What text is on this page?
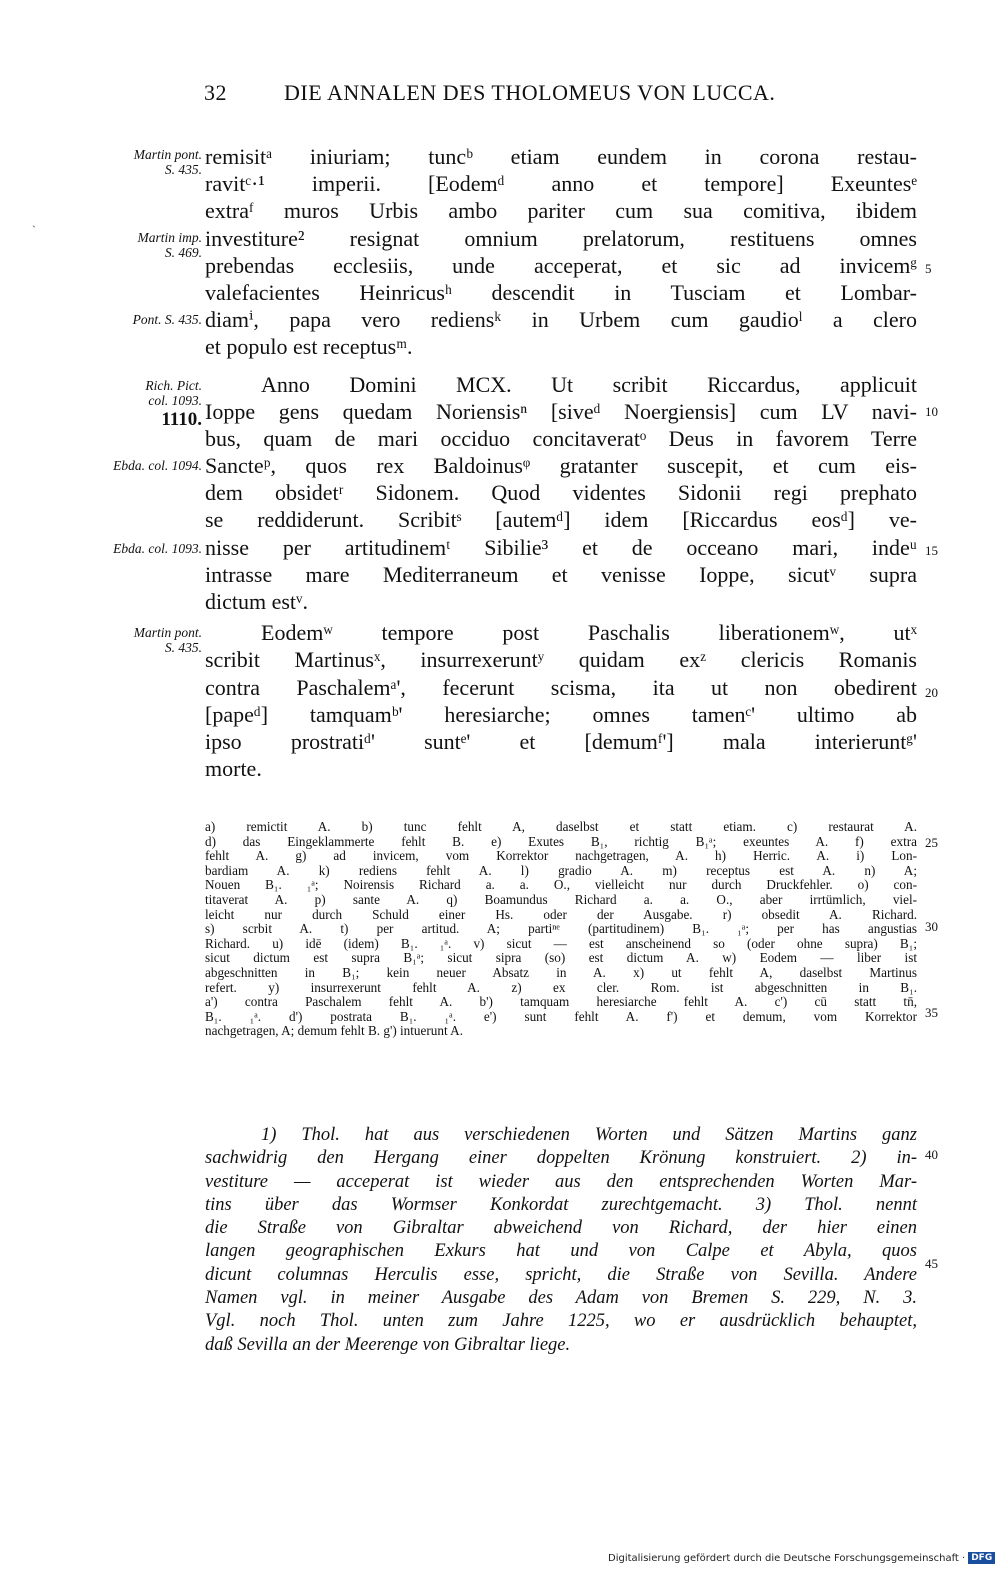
ˏ
32	DIE ANNALEN DES THOLOMEUS VON LUCCA.
Martin pont.
S. 435.
Martin imp.
S. 469.
Pont. S. 435.
Rich. Pict.
col. 1093.
1110.
Ebda. col. 1094.
Ebda. col. 1093.
Martin pont.
S. 435.
5
10
15
20
25
30
35
40
45
remisitᵃ iniuriam; tuncᵇ etiam eundem in corona restau-
ravitᶜ·¹ imperii. [Eodemᵈ anno et tempore] Exeuntesᵉ
extraᶠ muros Urbis ambo pariter cum sua comitiva, ibidem
investiture² resignat omnium prelatorum, restituens omnes
prebendas ecclesiis, unde acceperat, et sic ad invicemᵍ
valefacientes Heinricusʰ descendit in Tusciam et Lombar-
diamⁱ, papa vero rediensᵏ in Urbem cum gaudioˡ a clero
et populo est receptusᵐ.
Anno Domini MCX. Ut scribit Riccardus, applicuit
Ioppe gens quedam Noriensisⁿ [siveᵈ Noergiensis] cum LV navi-
bus, quam de mari occiduo concitaveratᵒ Deus in favorem Terre
Sancteᵖ, quos rex Baldoinusᵠ gratanter suscepit, et cum eis-
dem obsidetʳ Sidonem. Quod videntes Sidonii regi prephato
se reddiderunt. Scribitˢ [autemᵈ] idem [Riccardus eosᵈ] ve-
nisse per artitudinemᵗ Sibilie³ et de occeano mari, indeᵘ
intrasse mare Mediterraneum et venisse Ioppe, sicutᵛ supra
dictum estᵛ.
Eodemʷ tempore post Paschalis liberationemʷ, utˣ
scribit Martinusˣ, insurrexeruntʸ quidam exᶻ clericis Romanis
contra Paschalemᵃ', fecerunt scisma, ita ut non obedirent
[papeᵈ] tamquamᵇ' heresiarche; omnes tamenᶜ' ultimo ab
ipso prostratiᵈ' suntᵉ' et [demumᶠ'] mala interieruntᵍ'
morte.
a) remictit A. b) tunc fehlt A, daselbst et statt etiam. c) restaurat A.
d) das Eingeklammerte fehlt B. e) Exutes B₁, richtig B₁ᵃ; exeuntes A. f) extra
fehlt A. g) ad invicem, vom Korrektor nachgetragen, A. h) Herric. A. i) Lon-
bardiam A. k) rediens fehlt A. l) gradio A. m) receptus est A. n) A;
Nouen B₁. ₁ᵃ; Noirensis Richard a. a. O., vielleicht nur durch Druckfehler. o) con-
titaverat A. p) sante A. q) Boamundus Richard a. a. O., aber irrtümlich, viel-
leicht nur durch Schuld einer Hs. oder der Ausgabe. r) obsedit A. Richard.
s) scrbit A. t) per artitud. A; partiⁿᵉ (partitudinem) B₁. ₁ᵃ; per has angustias
Richard. u) idē (idem) B₁. ₁ᵃ. v) sicut — est anscheinend so (oder ohne supra) B₁;
sicut dictum est supra B₁ᵃ; sicut sipra (so) est dictum A. w) Eodem — liber ist
abgeschnitten in B₁; kein neuer Absatz in A. x) ut fehlt A, daselbst Martinus
refert. y) insurrexerunt fehlt A. z) ex cler. Rom. ist abgeschnitten in B₁.
a') contra Paschalem fehlt A. b') tamquam heresiarche fehlt A. c') cū statt tn̄,
B₁. ₁ᵃ. d') postrata B₁. ₁ᵃ. e') sunt fehlt A. f') et demum, vom Korrektor
nachgetragen, A; demum fehlt B. g') intuerunt A.
1) Thol. hat aus verschiedenen Worten und Sätzen Martins ganz
sachwidrig den Hergang einer doppelten Krönung konstruiert. 2) in-
vestiture — acceperat ist wieder aus den entsprechenden Worten Mar-
tins über das Wormser Konkordat zurechtgemacht. 3) Thol. nennt
die Straße von Gibraltar abweichend von Richard, der hier einen
langen geographischen Exkurs hat und von Calpe et Abyla, quos
dicunt columnas Herculis esse, spricht, die Straße von Sevilla. Andere
Namen vgl. in meiner Ausgabe des Adam von Bremen S. 229, N. 3.
Vgl. noch Thol. unten zum Jahre 1225, wo er ausdrücklich behauptet,
daß Sevilla an der Meerenge von Gibraltar liege.
Digitalisierung gefördert durch die Deutsche Forschungsgemeinschaft · DFG
